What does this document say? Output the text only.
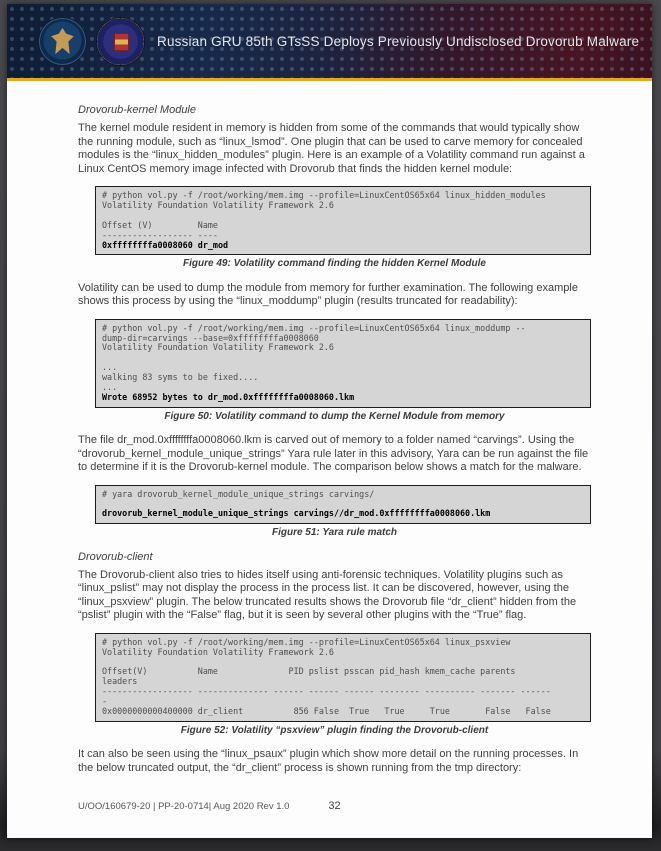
Russian GRU 85th GTsSS Deploys Previously Undisclosed Drovorub Malware
Drovorub-kernel Module

The kernel module resident in memory is hidden from some of the commands that would typically show the running module, such as “linux_lsmod”. One plugin that can be used to carve memory for concealed modules is the “linux_hidden_modules” plugin. Here is an example of a Volatility command run against a Linux CentOS memory image infected with Drovorub that finds the hidden kernel module:

# python vol.py -f /root/working/mem.img --profile=LinuxCentOS65x64 linux_hidden_modules
Volatility Foundation Volatility Framework 2.6
Offset (V)         Name
------------------ ----
0xffffffffa0008060 dr_mod
Figure 49: Volatility command finding the hidden Kernel Module

Volatility can be used to dump the module from memory for further examination. The following example shows this process by using the “linux_moddump” plugin (results truncated for readability):

# python vol.py -f /root/working/mem.img --profile=LinuxCentOS65x64 linux_moddump --
dump-dir=carvings --base=0xffffffffa0008060
Volatility Foundation Volatility Framework 2.6
...
walking 83 syms to be fixed....
...
Wrote 68952 bytes to dr_mod.0xffffffffa0008060.lkm
Figure 50: Volatility command to dump the Kernel Module from memory

The file dr_mod.0xffffffffa0008060.lkm is carved out of memory to a folder named “carvings”. Using the “drovorub_kernel_module_unique_strings” Yara rule later in this advisory, Yara can be run against the file to determine if it is the Drovorub-kernel module. The comparison below shows a match for the malware.

# yara drovorub_kernel_module_unique_strings carvings/
drovorub_kernel_module_unique_strings carvings//dr_mod.0xffffffffa0008060.lkm
Figure 51: Yara rule match
Drovorub-client

The Drovorub-client also tries to hides itself using anti-forensic techniques. Volatility plugins such as “linux_pslist” may not display the process in the process list. It can be discovered, however, using the “linux_psxview” plugin. The below truncated results shows the Drovorub file “dr_client” hidden from the “pslist” plugin with the “False” flag, but it is seen by several other plugins with the “True” flag.

# python vol.py -f /root/working/mem.img --profile=LinuxCentOS65x64 linux_psxview
Volatility Foundation Volatility Framework 2.6
Offset(V)          Name              PID pslist psscan pid_hash kmem_cache parents
leaders
------------------ -------------- ------ ------ ------ -------- ---------- ------- ------
-
0x0000000000400000 dr_client          856 False  True   True     True       False   False
Figure 52: Volatility “psxview” plugin finding the Drovorub-client

It can also be seen using the “linux_psaux” plugin which show more detail on the running processes. In the below truncated output, the “dr_client” process is shown running from the tmp directory:

U/OO/160679-20 | PP-20-0714| Aug 2020 Rev 1.0	32
